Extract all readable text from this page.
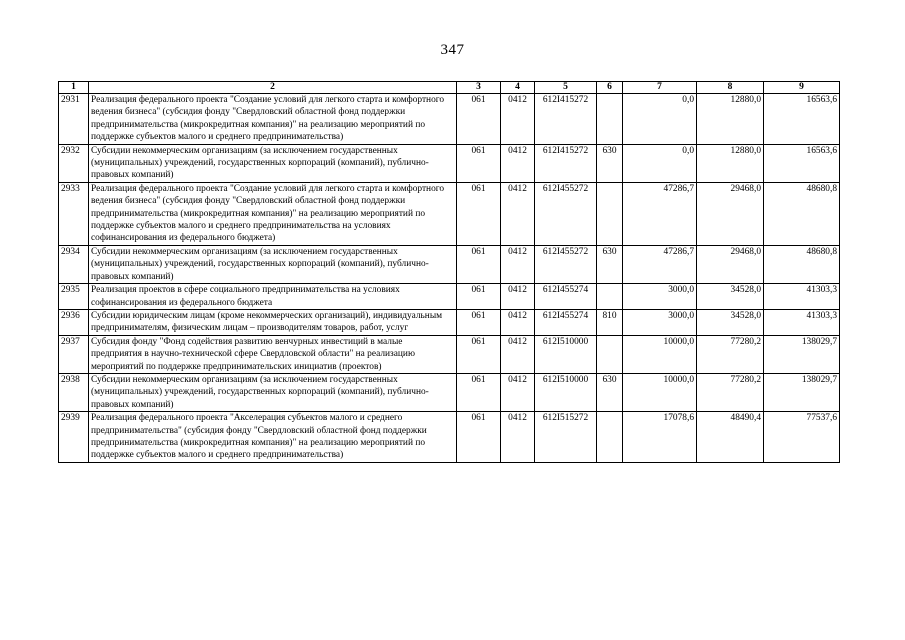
347
1	2	3	4	5	6	7	8	9
2931	Реализация федерального проекта "Создание условий для легкого старта и комфортного ведения бизнеса" (субсидия фонду "Свердловский областной фонд поддержки предпринимательства (микрокредитная компания)" на реализацию мероприятий по поддержке субъектов малого и среднего предпринимательства)	061	0412	612I415272		0,0	12880,0	16563,6
2932	Субсидии некоммерческим организациям (за исключением государственных (муниципальных) учреждений, государственных корпораций (компаний), публично-правовых компаний)	061	0412	612I415272	630	0,0	12880,0	16563,6
2933	Реализация федерального проекта "Создание условий для легкого старта и комфортного ведения бизнеса" (субсидия фонду "Свердловский областной фонд поддержки предпринимательства (микрокредитная компания)" на реализацию мероприятий по поддержке субъектов малого и среднего предпринимательства на условиях софинансирования из федерального бюджета)	061	0412	612I455272		47286,7	29468,0	48680,8
2934	Субсидии некоммерческим организациям (за исключением государственных (муниципальных) учреждений, государственных корпораций (компаний), публично-правовых компаний)	061	0412	612I455272	630	47286,7	29468,0	48680,8
2935	Реализация проектов в сфере социального предпринимательства на условиях софинансирования из федерального бюджета	061	0412	612I455274		3000,0	34528,0	41303,3
2936	Субсидии юридическим лицам (кроме некоммерческих организаций), индивидуальным предпринимателям, физическим лицам – производителям товаров, работ, услуг	061	0412	612I455274	810	3000,0	34528,0	41303,3
2937	Субсидия фонду "Фонд содействия развитию венчурных инвестиций в малые предприятия в научно-технической сфере Свердловской области" на реализацию мероприятий по поддержке предпринимательских инициатив (проектов)	061	0412	612I510000		10000,0	77280,2	138029,7
2938	Субсидии некоммерческим организациям (за исключением государственных (муниципальных) учреждений, государственных корпораций (компаний), публично-правовых компаний)	061	0412	612I510000	630	10000,0	77280,2	138029,7
2939	Реализация федерального проекта "Акселерация субъектов малого и среднего предпринимательства" (субсидия фонду "Свердловский областной фонд поддержки предпринимательства (микрокредитная компания)" на реализацию мероприятий по поддержке субъектов малого и среднего предпринимательства)	061	0412	612I515272		17078,6	48490,4	77537,6
